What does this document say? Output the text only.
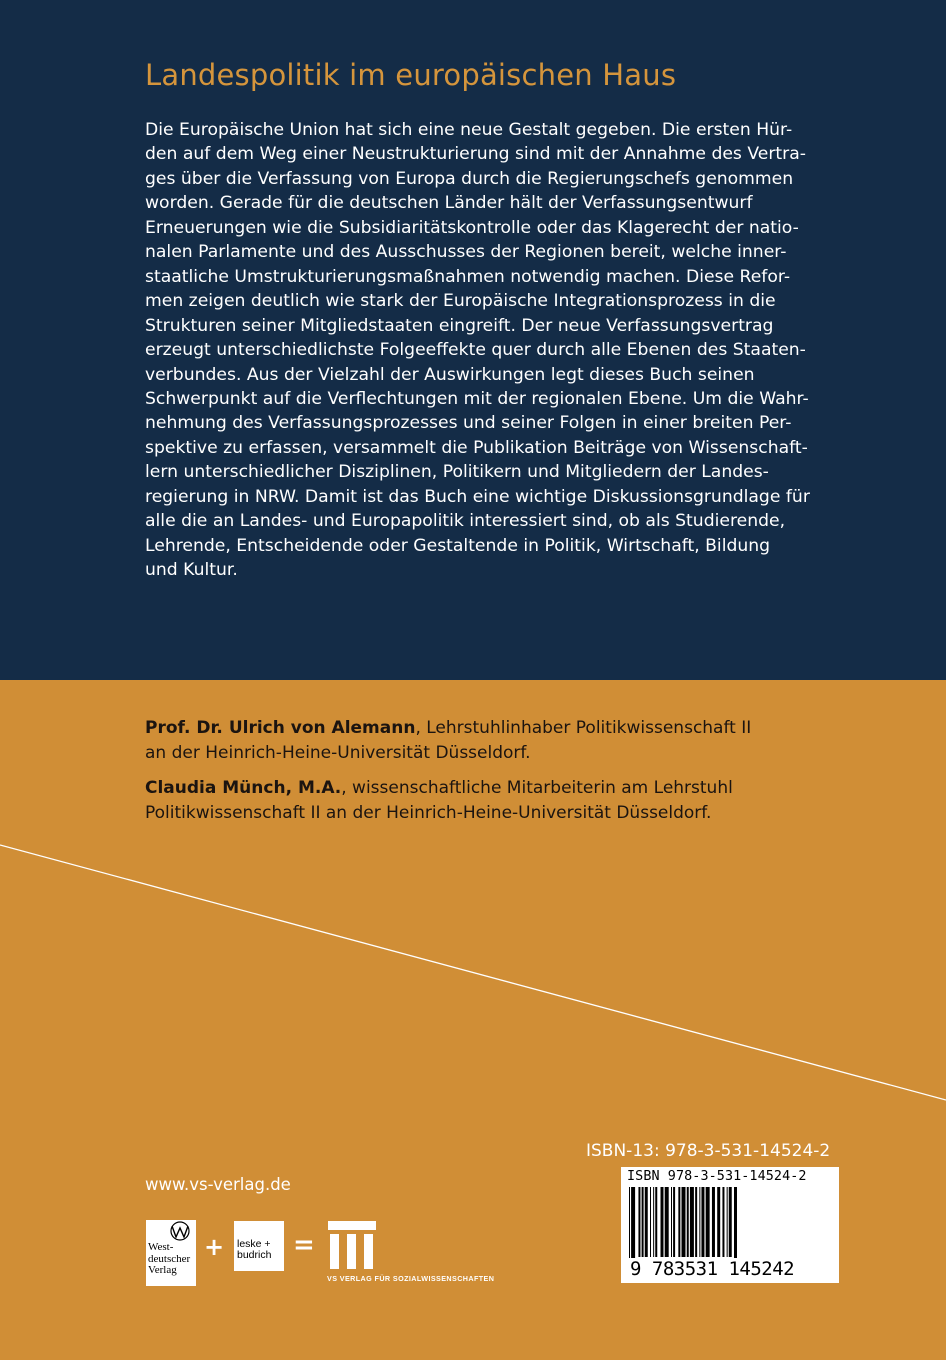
Landespolitik im europäischen Haus
Die Europäische Union hat sich eine neue Gestalt gegeben. Die ersten Hür-
den auf dem Weg einer Neustrukturierung sind mit der Annahme des Vertra-
ges über die Verfassung von Europa durch die Regierungschefs genommen
worden. Gerade für die deutschen Länder hält der Verfassungsentwurf
Erneuerungen wie die Subsidiaritätskontrolle oder das Klagerecht der natio-
nalen Parlamente und des Ausschusses der Regionen bereit, welche inner-
staatliche Umstrukturierungsmaßnahmen notwendig machen. Diese Refor-
men zeigen deutlich wie stark der Europäische Integrationsprozess in die
Strukturen seiner Mitgliedstaaten eingreift. Der neue Verfassungsvertrag
erzeugt unterschiedlichste Folgeeffekte quer durch alle Ebenen des Staaten-
verbundes. Aus der Vielzahl der Auswirkungen legt dieses Buch seinen
Schwerpunkt auf die Verflechtungen mit der regionalen Ebene. Um die Wahr-
nehmung des Verfassungsprozesses und seiner Folgen in einer breiten Per-
spektive zu erfassen, versammelt die Publikation Beiträge von Wissenschaft-
lern unterschiedlicher Disziplinen, Politikern und Mitgliedern der Landes-
regierung in NRW. Damit ist das Buch eine wichtige Diskussionsgrundlage für
alle die an Landes- und Europapolitik interessiert sind, ob als Studierende,
Lehrende, Entscheidende oder Gestaltende in Politik, Wirtschaft, Bildung
und Kultur.

Prof. Dr. Ulrich von Alemann, Lehrstuhlinhaber Politikwissenschaft II
an der Heinrich-Heine-Universität Düsseldorf.

Claudia Münch, M.A., wissenschaftliche Mitarbeiterin am Lehrstuhl
Politikwissenschaft II an der Heinrich-Heine-Universität Düsseldorf.

ISBN-13: 978-3-531-14524-2
ISBN 978-3-531-14524-2
9 783531 145242
www.vs-verlag.de
West-
deutscher
Verlag
+ leske +
budrich =
VS VERLAG FÜR SOZIALWISSENSCHAFTEN
